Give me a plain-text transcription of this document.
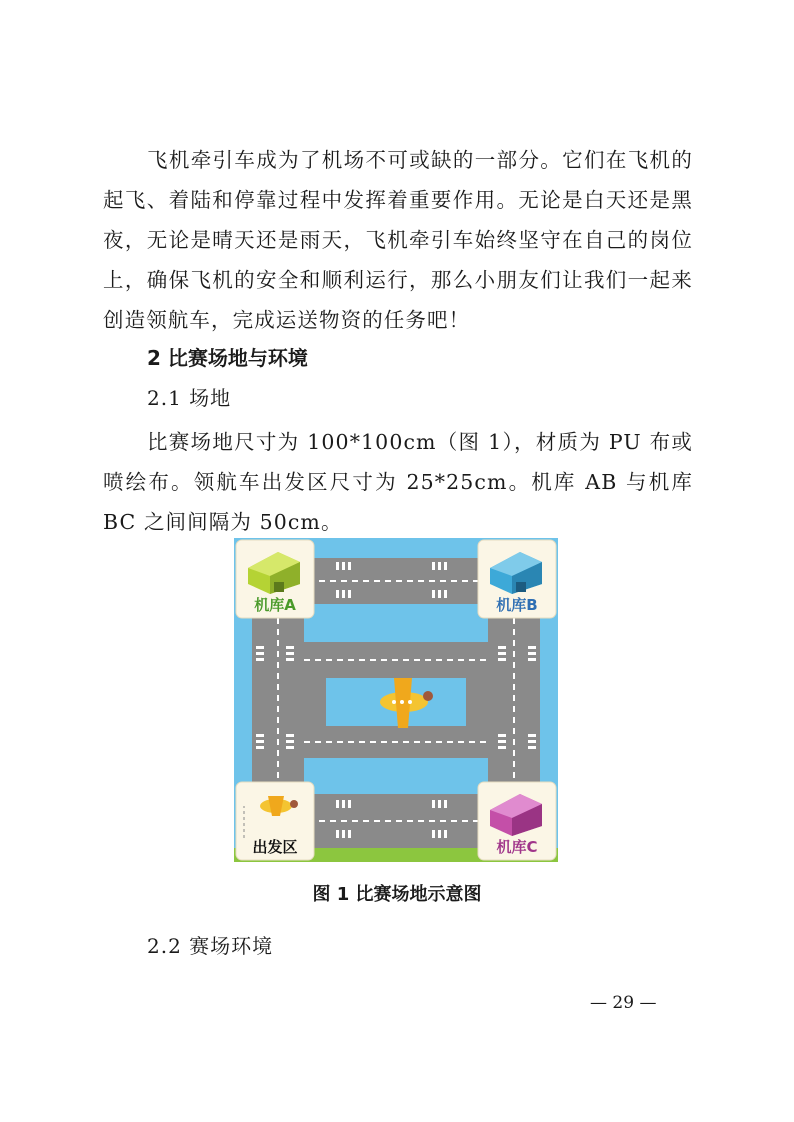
飞机牵引车成为了机场不可或缺的一部分。它们在飞机的起飞、着陆和停靠过程中发挥着重要作用。无论是白天还是黑夜，无论是晴天还是雨天，飞机牵引车始终坚守在自己的岗位上，确保飞机的安全和顺利运行，那么小朋友们让我们一起来创造领航车，完成运送物资的任务吧！

2 比赛场地与环境

2.1 场地

比赛场地尺寸为 100*100cm（图 1），材质为 PU 布或喷绘布。领航车出发区尺寸为 25*25cm。机库 AB 与机库 BC 之间间隔为 50cm。

机库A	机库B
出发区	机库C

图 1 比赛场地示意图

2.2 赛场环境

— 29 —
